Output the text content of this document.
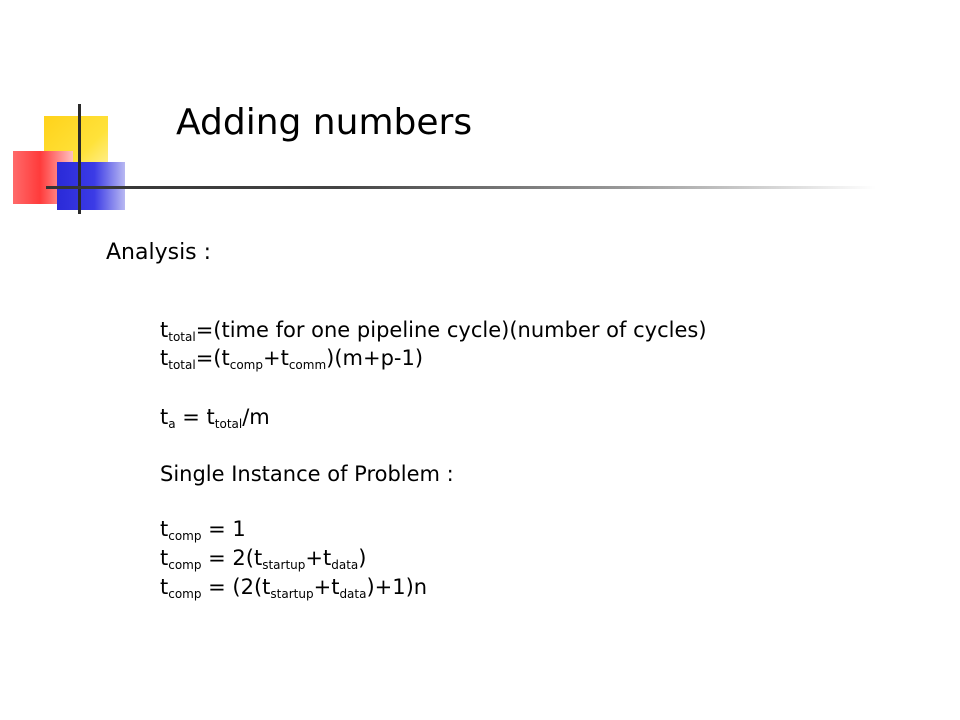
Adding numbers
Analysis :
$t_{total}=(time$ for one pipeline cycle)(number of cycles)
$t_{total}=(t_{comp}+t_{comm})(m+p-1)$
$t_a = t_{total}/m$
Single Instance of Problem :
$t_{comp} = 1$
$t_{comp} = 2(t_{startup}+t_{data})$
$t_{comp} = (2(t_{startup}+t_{data})+1)n$
